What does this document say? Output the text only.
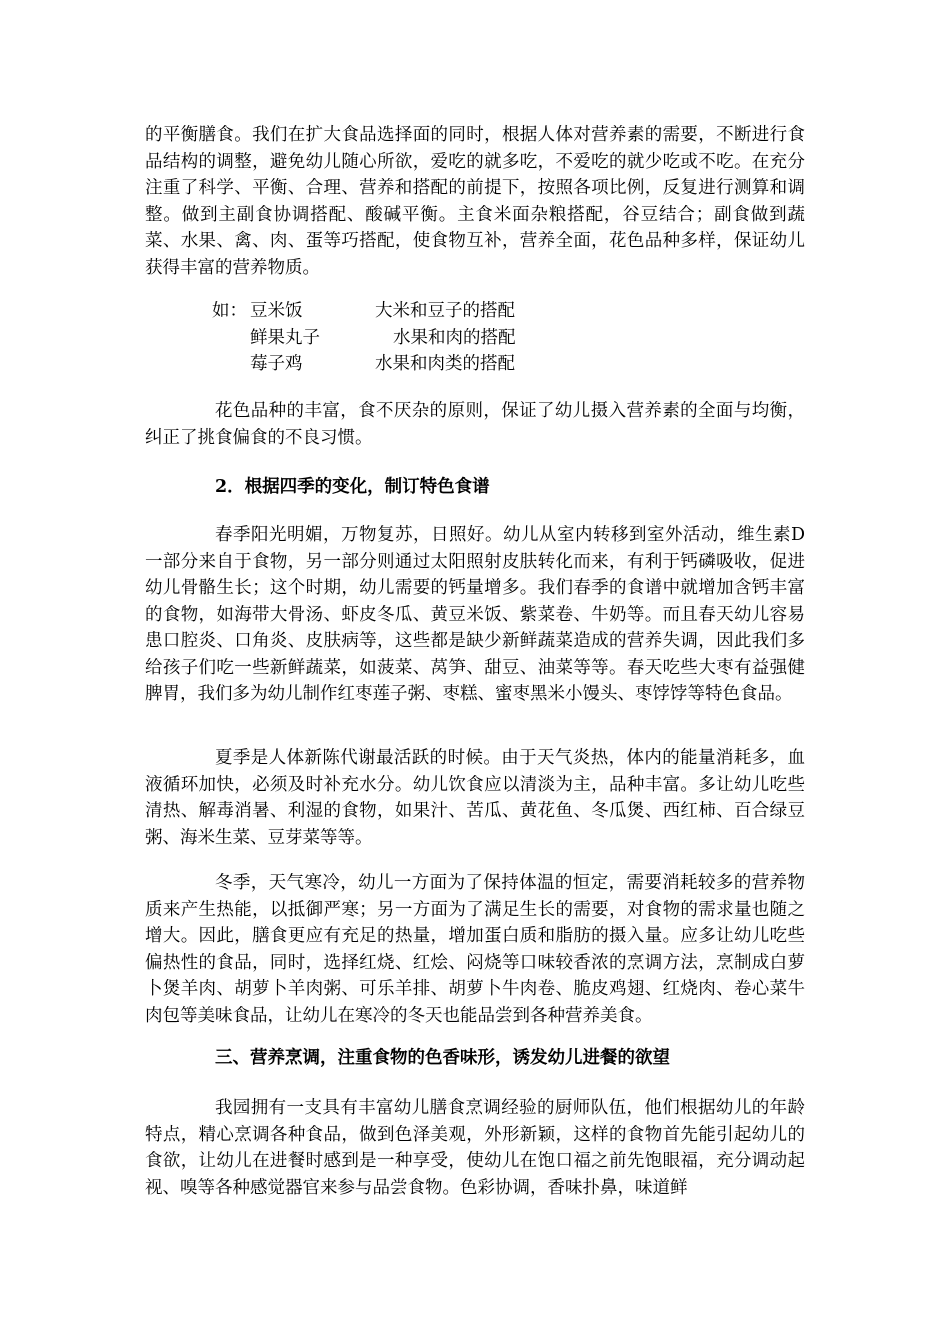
的平衡膳食。我们在扩大食品选择面的同时，根据人体对营养素的需要，不断进行食品结构的调整，避免幼儿随心所欲，爱吃的就多吃，不爱吃的就少吃或不吃。在充分注重了科学、平衡、合理、营养和搭配的前提下，按照各项比例，反复进行测算和调整。做到主副食协调搭配、酸碱平衡。主食米面杂粮搭配，谷豆结合；副食做到蔬菜、水果、禽、肉、蛋等巧搭配，使食物互补，营养全面，花色品种多样，保证幼儿获得丰富的营养物质。

如： 豆米饭	大米和豆子的搭配
鲜果丸子	水果和肉的搭配
莓子鸡	水果和肉类的搭配

花色品种的丰富，食不厌杂的原则，保证了幼儿摄入营养素的全面与均衡，纠正了挑食偏食的不良习惯。

2．根据四季的变化，制订特色食谱

春季阳光明媚，万物复苏，日照好。幼儿从室内转移到室外活动，维生素D一部分来自于食物，另一部分则通过太阳照射皮肤转化而来，有利于钙磷吸收，促进幼儿骨骼生长；这个时期，幼儿需要的钙量增多。我们春季的食谱中就增加含钙丰富的食物，如海带大骨汤、虾皮冬瓜、黄豆米饭、紫菜卷、牛奶等。而且春天幼儿容易患口腔炎、口角炎、皮肤病等，这些都是缺少新鲜蔬菜造成的营养失调，因此我们多给孩子们吃一些新鲜蔬菜，如菠菜、莴笋、甜豆、油菜等等。春天吃些大枣有益强健脾胃，我们多为幼儿制作红枣莲子粥、枣糕、蜜枣黑米小馒头、枣饽饽等特色食品。

夏季是人体新陈代谢最活跃的时候。由于天气炎热，体内的能量消耗多，血液循环加快，必须及时补充水分。幼儿饮食应以清淡为主，品种丰富。多让幼儿吃些清热、解毒消暑、利湿的食物，如果汁、苦瓜、黄花鱼、冬瓜煲、西红柿、百合绿豆粥、海米生菜、豆芽菜等等。

冬季，天气寒冷，幼儿一方面为了保持体温的恒定，需要消耗较多的营养物质来产生热能，以抵御严寒；另一方面为了满足生长的需要，对食物的需求量也随之增大。因此，膳食更应有充足的热量，增加蛋白质和脂肪的摄入量。应多让幼儿吃些偏热性的食品，同时，选择红烧、红烩、闷烧等口味较香浓的烹调方法，烹制成白萝卜煲羊肉、胡萝卜羊肉粥、可乐羊排、胡萝卜牛肉卷、脆皮鸡翅、红烧肉、卷心菜牛肉包等美味食品，让幼儿在寒冷的冬天也能品尝到各种营养美食。

三、营养烹调，注重食物的色香味形，诱发幼儿进餐的欲望

我园拥有一支具有丰富幼儿膳食烹调经验的厨师队伍，他们根据幼儿的年龄特点，精心烹调各种食品，做到色泽美观，外形新颖，这样的食物首先能引起幼儿的食欲，让幼儿在进餐时感到是一种享受，使幼儿在饱口福之前先饱眼福，充分调动起视、嗅等各种感觉器官来参与品尝食物。色彩协调，香味扑鼻，味道鲜
